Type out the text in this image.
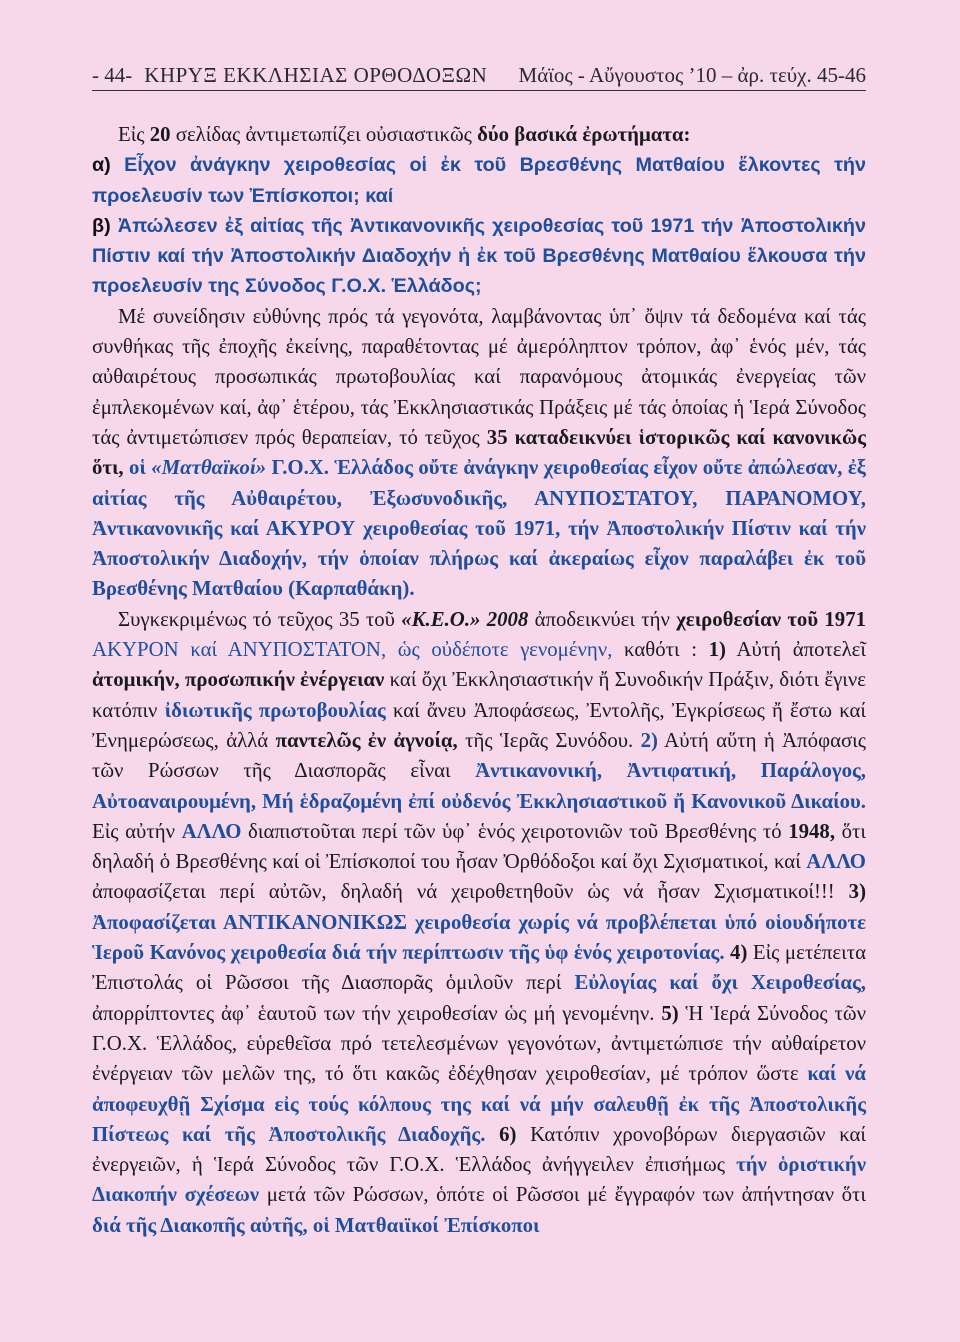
- 44- ΚΗΡΥΞ ΕΚΚΛΗΣΙΑΣ ΟΡΘΟΔΟΞΩΝ Μάϊος - Αὔγουστος ’10 – ἀρ. τεύχ. 45-46

Εἰς 20 σελίδας ἀντιμετωπίζει οὐσιαστικῶς δύο βασικά ἐρωτήματα:

α) Εἶχον ἀνάγκην χειροθεσίας οἱ ἐκ τοῦ Βρεσθένης Ματθαίου ἕλκοντες τήν προελευσίν των Ἐπίσκοποι; καί

β) Ἀπώλεσεν ἐξ αἰτίας τῆς Ἀντικανονικῆς χειροθεσίας τοῦ 1971 τήν Ἀποστολικήν Πίστιν καί τήν Ἀποστολικήν Διαδοχήν ἡ ἐκ τοῦ Βρεσθένης Ματθαίου ἕλκουσα τήν προελευσίν της Σύνοδος Γ.Ο.Χ. Ἑλλάδος;

Μέ συνείδησιν εὐθύνης πρός τά γεγονότα, λαμβάνοντας ὑπ᾽ ὄψιν τά δεδομένα καί τάς συνθήκας τῆς ἐποχῆς ἐκείνης, παραθέτοντας μέ ἀμερόληπτον τρόπον, ἀφ᾽ ἑνός μέν, τάς αὐθαιρέτους προσωπικάς πρωτοβουλίας καί παρανόμους ἀτομικάς ἐνεργείας τῶν ἐμπλεκομένων καί, ἀφ᾽ ἑτέρου, τάς Ἐκκλησιαστικάς Πράξεις μέ τάς ὁποίας ἡ Ἱερά Σύνοδος τάς ἀντιμετώπισεν πρός θεραπείαν, τό τεῦχος 35 καταδεικνύει ἱστορικῶς καί κανονικῶς ὅτι, οἱ «Ματθαϊκοί» Γ.Ο.Χ. Ἑλλάδος οὔτε ἀνάγκην χειροθεσίας εἶχον οὔτε ἀπώλεσαν, ἐξ αἰτίας τῆς Αὐθαιρέτου, Ἐξωσυνοδικῆς, ΑΝΥΠΟΣΤΑΤΟΥ, ΠΑΡΑΝΟΜΟΥ, Ἀντικανονικῆς καί ΑΚΥΡΟΥ χειροθεσίας τοῦ 1971, τήν Ἀποστολικήν Πίστιν καί τήν Ἀποστολικήν Διαδοχήν, τήν ὁποίαν πλήρως καί ἀκεραίως εἶχον παραλάβει ἐκ τοῦ Βρεσθένης Ματθαίου (Καρπαθάκη).

Συγκεκριμένως τό τεῦχος 35 τοῦ «Κ.Ε.Ο.» 2008 ἀποδεικνύει τήν χειροθεσίαν τοῦ 1971 ΑΚΥΡΟΝ καί ΑΝΥΠΟΣΤΑΤΟΝ, ὡς οὐδέποτε γενομένην, καθότι : 1) Αὐτή ἀποτελεῖ ἀτομικήν, προσωπικήν ἐνέργειαν καί ὄχι Ἐκκλησιαστικήν ἤ Συνοδικήν Πράξιν, διότι ἔγινε κατόπιν ἰδιωτικῆς πρωτοβουλίας καί ἄνευ Ἀποφάσεως, Ἐντολῆς, Ἐγκρίσεως ἤ ἔστω καί Ἐνημερώσεως, ἀλλά παντελῶς ἐν ἀγνοίᾳ, τῆς Ἱερᾶς Συνόδου. 2) Αὐτή αὕτη ἡ Ἀπόφασις τῶν Ρώσσων τῆς Διασπορᾶς εἶναι Ἀντικανονική, Ἀντιφατική, Παράλογος, Αὐτοαναιρουμένη, Μή ἑδραζομένη ἐπί οὐδενός Ἐκκλησιαστικοῦ ἤ Κανονικοῦ Δικαίου. Εἰς αὐτήν ΑΛΛΟ διαπιστοῦται περί τῶν ὑφ᾽ ἑνός χειροτονιῶν τοῦ Βρεσθένης τό 1948, ὅτι δηλαδή ὁ Βρεσθένης καί οἱ Ἐπίσκοποί του ἦσαν Ὀρθόδοξοι καί ὄχι Σχισματικοί, καί ΑΛΛΟ ἀποφασίζεται περί αὐτῶν, δηλαδή νά χειροθετηθοῦν ὡς νά ἦσαν Σχισματικοί!!! 3) Ἀποφασίζεται ΑΝΤΙΚΑΝΟΝΙΚΩΣ χειροθεσία χωρίς νά προβλέπεται ὑπό οἱουδήποτε Ἱεροῦ Κανόνος χειροθεσία διά τήν περίπτωσιν τῆς ὑφ ἑνός χειροτονίας. 4) Εἰς μετέπειτα Ἐπιστολάς οἱ Ρῶσσοι τῆς Διασπορᾶς ὁμιλοῦν περί Εὐλογίας καί ὄχι Χειροθεσίας, ἀπορρίπτοντες ἀφ᾽ ἑαυτοῦ των τήν χειροθεσίαν ὡς μή γενομένην. 5) Ἡ Ἱερά Σύνοδος τῶν Γ.Ο.Χ. Ἑλλάδος, εὑρεθεῖσα πρό τετελεσμένων γεγονότων, ἀντιμετώπισε τήν αὐθαίρετον ἐνέργειαν τῶν μελῶν της, τό ὅτι κακῶς ἐδέχθησαν χειροθεσίαν, μέ τρόπον ὥστε καί νά ἀποφευχθῇ Σχίσμα εἰς τούς κόλπους της καί νά μήν σαλευθῇ ἐκ τῆς Ἀποστολικῆς Πίστεως καί τῆς Ἀποστολικῆς Διαδοχῆς. 6) Κατόπιν χρονοβόρων διεργασιῶν καί ἐνεργειῶν, ἡ Ἱερά Σύνοδος τῶν Γ.Ο.Χ. Ἑλλάδος ἀνήγγειλεν ἐπισήμως τήν ὁριστικήν Διακοπήν σχέσεων μετά τῶν Ρώσσων, ὁπότε οἱ Ρῶσσοι μέ ἔγγραφόν των ἀπήντησαν ὅτι διά τῆς Διακοπῆς αὐτῆς, οἱ Ματθαιϊκοί Ἐπίσκοποι
